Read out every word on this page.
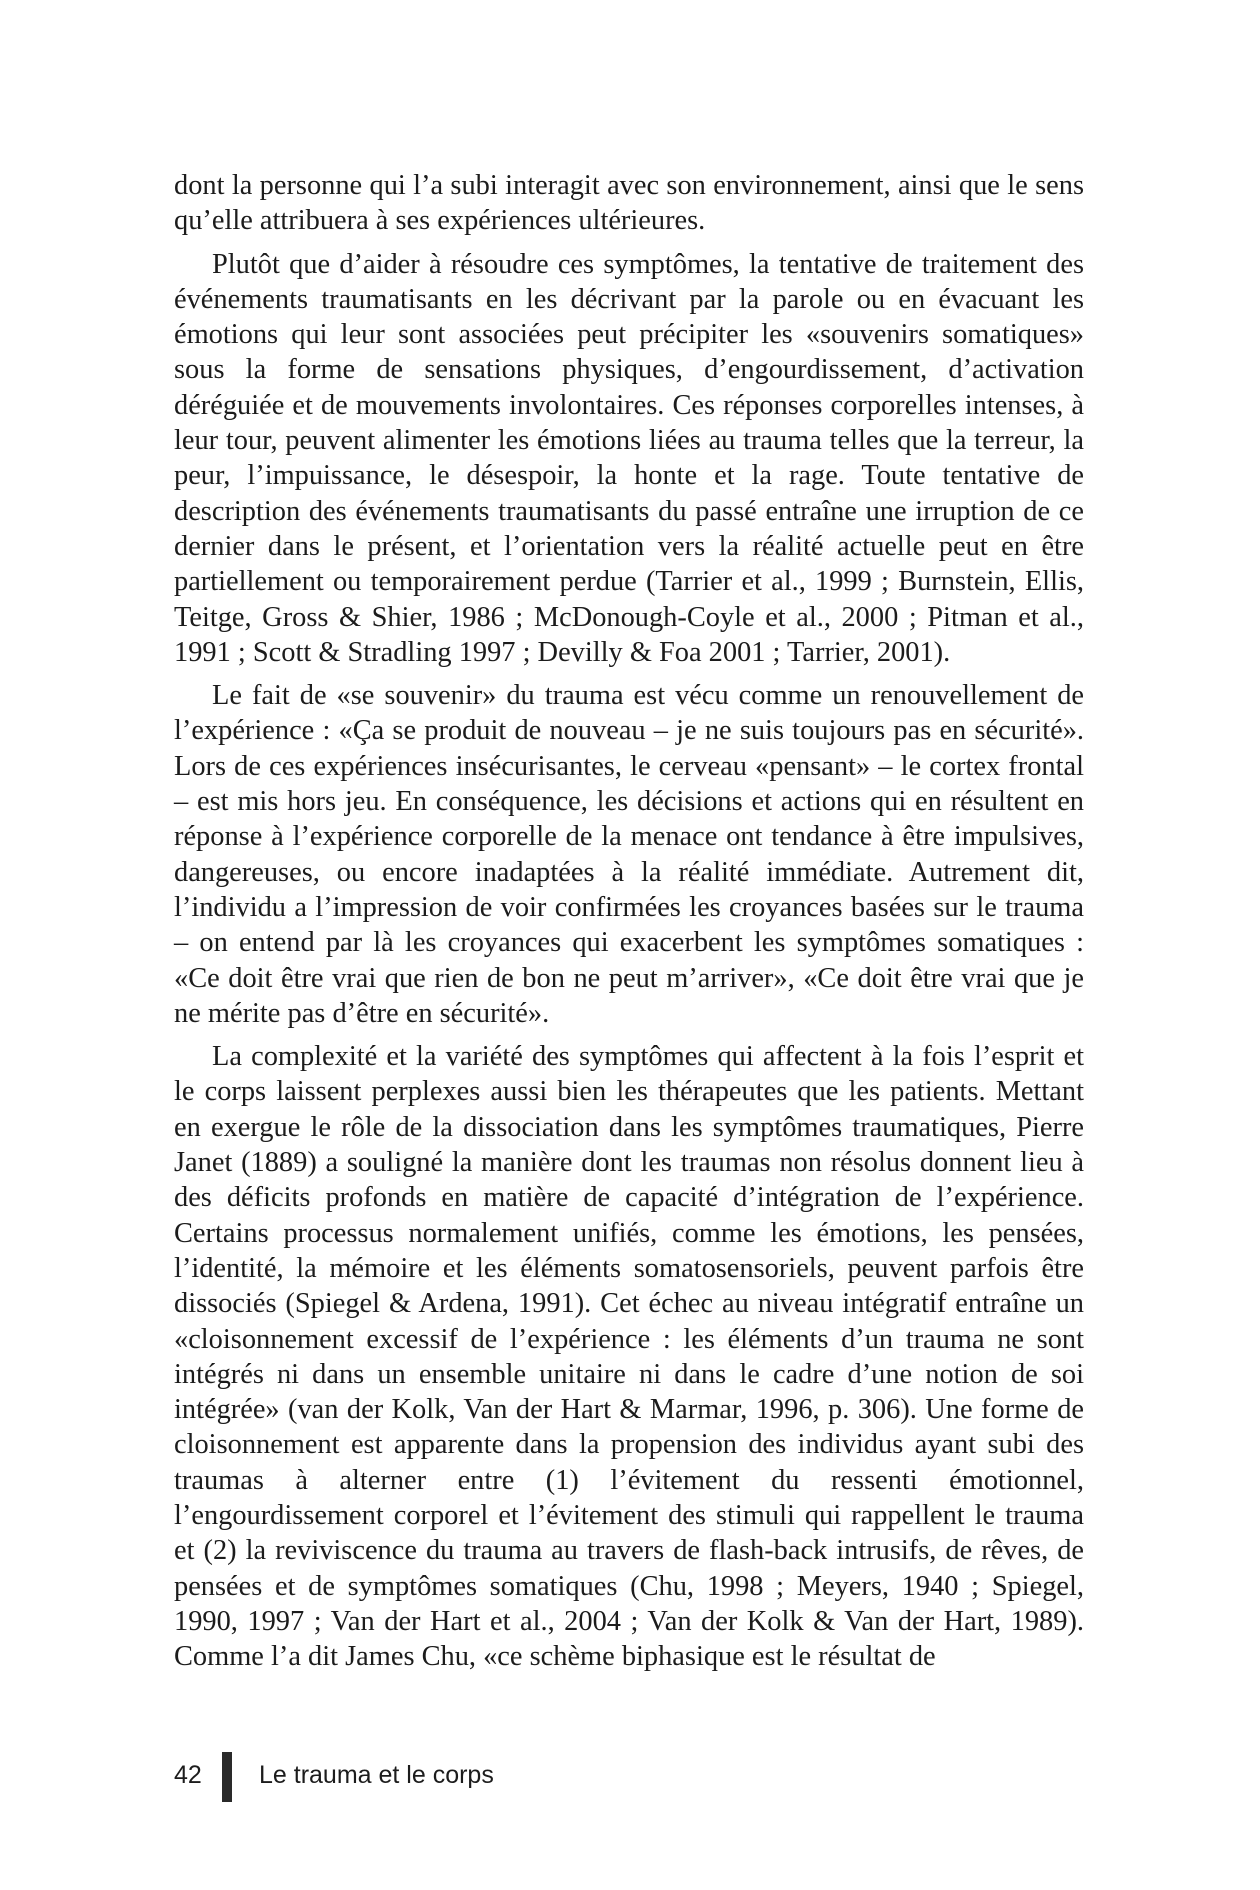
dont la personne qui l’a subi interagit avec son environnement, ainsi que le sens qu’elle attribuera à ses expériences ultérieures.

Plutôt que d’aider à résoudre ces symptômes, la tentative de traitement des événements traumatisants en les décrivant par la parole ou en évacuant les émotions qui leur sont associées peut précipiter les «souvenirs somatiques» sous la forme de sensations physiques, d’engourdissement, d’activation déréguiée et de mouvements involontaires. Ces réponses corporelles intenses, à leur tour, peuvent alimenter les émotions liées au trauma telles que la terreur, la peur, l’impuissance, le désespoir, la honte et la rage. Toute tentative de description des événements traumatisants du passé entraîne une irruption de ce dernier dans le présent, et l’orientation vers la réalité actuelle peut en être partiellement ou temporairement perdue (Tarrier et al., 1999 ; Burnstein, Ellis, Teitge, Gross & Shier, 1986 ; McDonough-Coyle et al., 2000 ; Pitman et al., 1991 ; Scott & Stradling 1997 ; Devilly & Foa 2001 ; Tarrier, 2001).

Le fait de «se souvenir» du trauma est vécu comme un renouvellement de l’expérience : «Ça se produit de nouveau – je ne suis toujours pas en sécurité». Lors de ces expériences insécurisantes, le cerveau «pensant» – le cortex frontal – est mis hors jeu. En conséquence, les décisions et actions qui en résultent en réponse à l’expérience corporelle de la menace ont tendance à être impulsives, dangereuses, ou encore inadaptées à la réalité immédiate. Autrement dit, l’individu a l’impression de voir confirmées les croyances basées sur le trauma – on entend par là les croyances qui exacerbent les symptômes somatiques : «Ce doit être vrai que rien de bon ne peut m’arriver», «Ce doit être vrai que je ne mérite pas d’être en sécurité».

La complexité et la variété des symptômes qui affectent à la fois l’esprit et le corps laissent perplexes aussi bien les thérapeutes que les patients. Mettant en exergue le rôle de la dissociation dans les symptômes traumatiques, Pierre Janet (1889) a souligné la manière dont les traumas non résolus donnent lieu à des déficits profonds en matière de capacité d’intégration de l’expérience. Certains processus normalement unifiés, comme les émotions, les pensées, l’identité, la mémoire et les éléments somatosensoriels, peuvent parfois être dissociés (Spiegel & Ardena, 1991). Cet échec au niveau intégratif entraîne un «cloisonnement excessif de l’expérience : les éléments d’un trauma ne sont intégrés ni dans un ensemble unitaire ni dans le cadre d’une notion de soi intégrée» (van der Kolk, Van der Hart & Marmar, 1996, p. 306). Une forme de cloisonnement est apparente dans la propension des individus ayant subi des traumas à alterner entre (1) l’évitement du ressenti émotionnel, l’engourdissement corporel et l’évitement des stimuli qui rappellent le trauma et (2) la reviviscence du trauma au travers de flash-back intrusifs, de rêves, de pensées et de symptômes somatiques (Chu, 1998 ; Meyers, 1940 ; Spiegel, 1990, 1997 ; Van der Hart et al., 2004 ; Van der Kolk & Van der Hart, 1989). Comme l’a dit James Chu, «ce schème biphasique est le résultat de

42 Le trauma et le corps
